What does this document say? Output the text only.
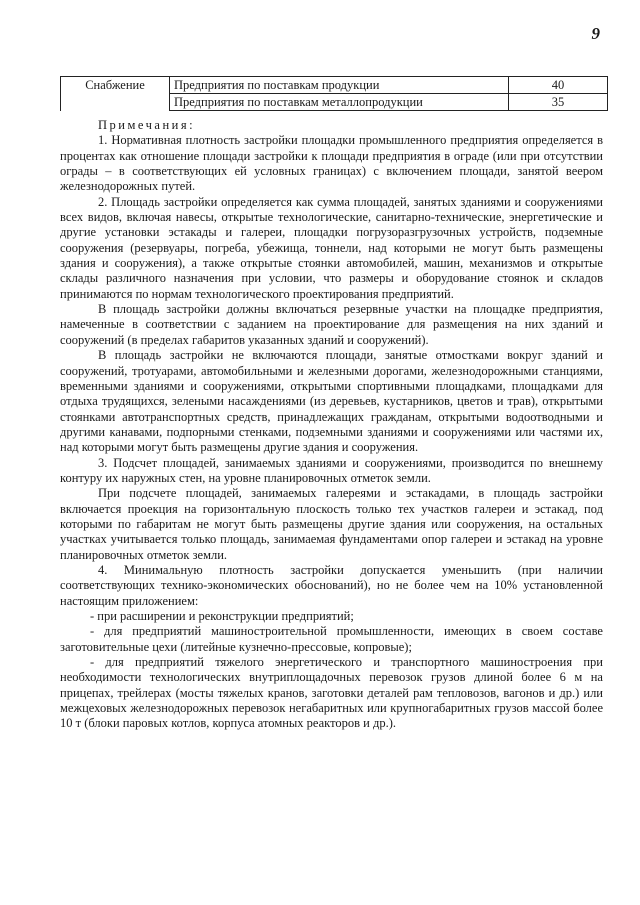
9
Снабжение	Предприятия по поставкам продукции	40
	Предприятия по поставкам металлопродукции	35

Примечания:

1. Нормативная плотность застройки площадки промышленного предприятия определяется в процентах как отношение площади застройки к площади предприятия в ограде (или при отсутствии ограды – в соответствующих ей условных границах) с включением площади, занятой веером железнодорожных путей.

2. Площадь застройки определяется как сумма площадей, занятых зданиями и сооружениями всех видов, включая навесы, открытые технологические, санитарно-технические, энергетические и другие установки эстакады и галереи, площадки погрузоразгрузочных устройств, подземные сооружения (резервуары, погреба, убежища, тоннели, над которыми не могут быть размещены здания и сооружения), а также открытые стоянки автомобилей, машин, механизмов и открытые склады различного назначения при условии, что размеры и оборудование стоянок и складов принимаются по нормам технологического проектирования предприятий.

В площадь застройки должны включаться резервные участки на площадке предприятия, намеченные в соответствии с заданием на проектирование для размещения на них зданий и сооружений (в пределах габаритов указанных зданий и сооружений).

В площадь застройки не включаются площади, занятые отмостками вокруг зданий и сооружений, тротуарами, автомобильными и железными дорогами, железнодорожными станциями, временными зданиями и сооружениями, открытыми спортивными площадками, площадками для отдыха трудящихся, зелеными насаждениями (из деревьев, кустарников, цветов и трав), открытыми стоянками автотранспортных средств, принадлежащих гражданам, открытыми водоотводными и другими канавами, подпорными стенками, подземными зданиями и сооружениями или частями их, над которыми могут быть размещены другие здания и сооружения.

3. Подсчет площадей, занимаемых зданиями и сооружениями, производится по внешнему контуру их наружных стен, на уровне планировочных отметок земли.

При подсчете площадей, занимаемых галереями и эстакадами, в площадь застройки включается проекция на горизонтальную плоскость только тех участков галереи и эстакад, под которыми по габаритам не могут быть размещены другие здания или сооружения, на остальных участках учитывается только площадь, занимаемая фундаментами опор галереи и эстакад на уровне планировочных отметок земли.

4. Минимальную плотность застройки допускается уменьшить (при наличии соответствующих технико-экономических обоснований), но не более чем на 10% установленной настоящим приложением:

- при расширении и реконструкции предприятий;

- для предприятий машиностроительной промышленности, имеющих в своем составе заготовительные цехи (литейные кузнечно-прессовые, копровые);

- для предприятий тяжелого энергетического и транспортного машиностроения при необходимости технологических внутриплощадочных перевозок грузов длиной более 6 м на прицепах, трейлерах (мосты тяжелых кранов, заготовки деталей рам тепловозов, вагонов и др.) или межцеховых железнодорожных перевозок негабаритных или крупногабаритных грузов массой более 10 т (блоки паровых котлов, корпуса атомных реакторов и др.).
